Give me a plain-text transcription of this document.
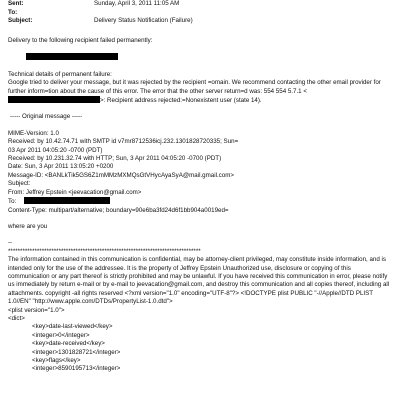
Sent:	Sunday, April 3, 2011 11:05 AM
To:
Subject:	Delivery Status Notification (Failure)
Delivery to the following recipient failed permanently:
Technical details of permanent failure:
Google tried to deliver your message, but it was rejected by the recipient =omain. We recommend contacting the other email provider for further inform=tion about the cause of this error. The error that the other server return=d was: 554 554 5.7.1 <>: Recipient address rejected:=Nonexistent user (state 14).
----- Original message -----
MIME-Version: 1.0
Received: by 10.42.74.71 with SMTP id v7mr8712536icj.232.1301828720335; Sun=
03 Apr 2011 04:05:20 -0700 (PDT)
Received: by 10.231.32.74 with HTTP; Sun, 3 Apr 2011 04:05:20 -0700 (PDT)
Date: Sun, 3 Apr 2011 13:05:20 +0200
Message-ID: <BANLkTik5GS6Z1mMMzMXMQsGtVHycAyaSyA@mail.gmail.com>
Subject:
From: Jeffrey Epstein <jeevacation@gmail.com>
To:
Content-Type: multipart/alternative; boundary=90e6ba3fd24d6f1bb904a0019ed=
where are you
--
********************************************************************************
The information contained in this communication is confidential, may be attorney-client privileged, may constitute inside information, and is intended only for the use of the addressee. It is the property of Jeffrey Epstein Unauthorized use, disclosure or copying of this communication or any part thereof is strictly prohibited and may be unlawful. If you have received this communication in error, please notify us immediately by return e-mail or by e-mail to jeevacation@gmail.com, and destroy this communication and all copies thereof, including all attachments. copyright -all rights reserved <?xml version="1.0" encoding="UTF-8"?> <!DOCTYPE plist PUBLIC "-//Apple//DTD PLIST 1.0//EN" "http://www.apple.com/DTDs/PropertyList-1.0.dtd">
<plist version="1.0">
<dict>
<key>date-last-viewed</key>
<integer>0</integer>
<key>date-received</key>
<integer>1301828721</integer>
<key>flags</key>
<integer>8590195713</integer>
